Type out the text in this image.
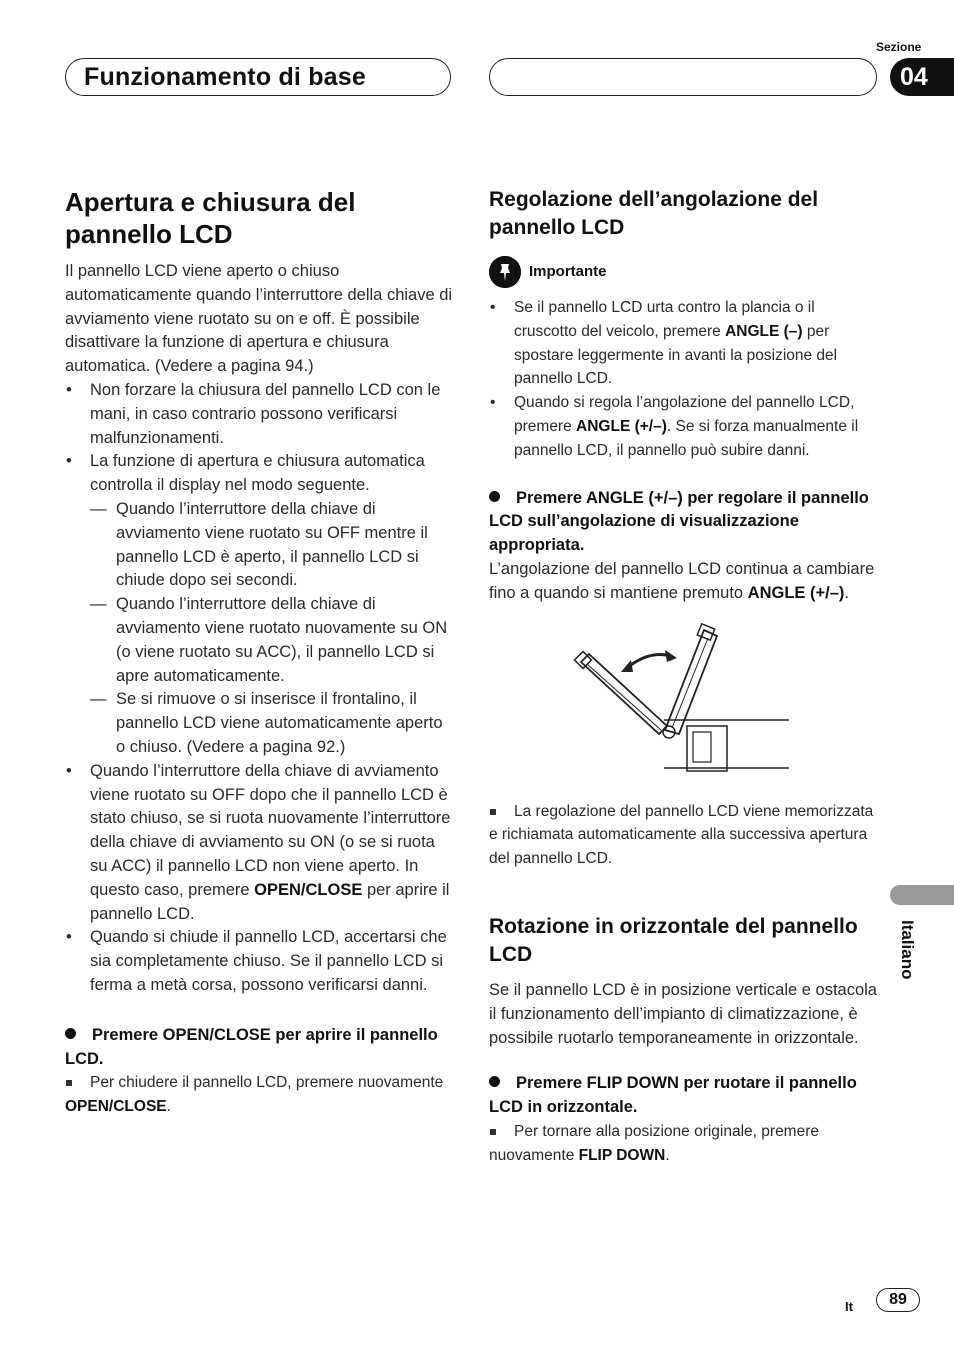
Funzionamento di base
Sezione
04
Italiano
Apertura e chiusura del pannello LCD

Il pannello LCD viene aperto o chiuso automaticamente quando l’interruttore della chiave di avviamento viene ruotato su on e off. È possibile disattivare la funzione di apertura e chiusura automatica. (Vedere a pagina 94.)

• Non forzare la chiusura del pannello LCD con le mani, in caso contrario possono verificarsi malfunzionamenti.
• La funzione di apertura e chiusura automatica controlla il display nel modo seguente.
— Quando l’interruttore della chiave di avviamento viene ruotato su OFF mentre il pannello LCD è aperto, il pannello LCD si chiude dopo sei secondi.
— Quando l’interruttore della chiave di avviamento viene ruotato nuovamente su ON (o viene ruotato su ACC), il pannello LCD si apre automaticamente.
— Se si rimuove o si inserisce il frontalino, il pannello LCD viene automaticamente aperto o chiuso. (Vedere a pagina 92.)
• Quando l’interruttore della chiave di avviamento viene ruotato su OFF dopo che il pannello LCD è stato chiuso, se si ruota nuovamente l’interruttore della chiave di avviamento su ON (o se si ruota su ACC) il pannello LCD non viene aperto. In questo caso, premere OPEN/CLOSE per aprire il pannello LCD.
• Quando si chiude il pannello LCD, accertarsi che sia completamente chiuso. Se il pannello LCD si ferma a metà corsa, possono verificarsi danni.

Premere OPEN/CLOSE per aprire il pannello LCD.

Per chiudere il pannello LCD, premere nuovamente OPEN/CLOSE.

Regolazione dell’angolazione del pannello LCD
Importante
• Se il pannello LCD urta contro la plancia o il cruscotto del veicolo, premere ANGLE (–) per spostare leggermente in avanti la posizione del pannello LCD.
• Quando si regola l’angolazione del pannello LCD, premere ANGLE (+/–). Se si forza manualmente il pannello LCD, il pannello può subire danni.

Premere ANGLE (+/–) per regolare il pannello LCD sull’angolazione di visualizzazione appropriata.

L’angolazione del pannello LCD continua a cambiare fino a quando si mantiene premuto ANGLE (+/–).

La regolazione del pannello LCD viene memorizzata e richiamata automaticamente alla successiva apertura del pannello LCD.

Rotazione in orizzontale del pannello LCD

Se il pannello LCD è in posizione verticale e ostacola il funzionamento dell’impianto di climatizzazione, è possibile ruotarlo temporaneamente in orizzontale.

Premere FLIP DOWN per ruotare il pannello LCD in orizzontale.

Per tornare alla posizione originale, premere nuovamente FLIP DOWN.

It	89
